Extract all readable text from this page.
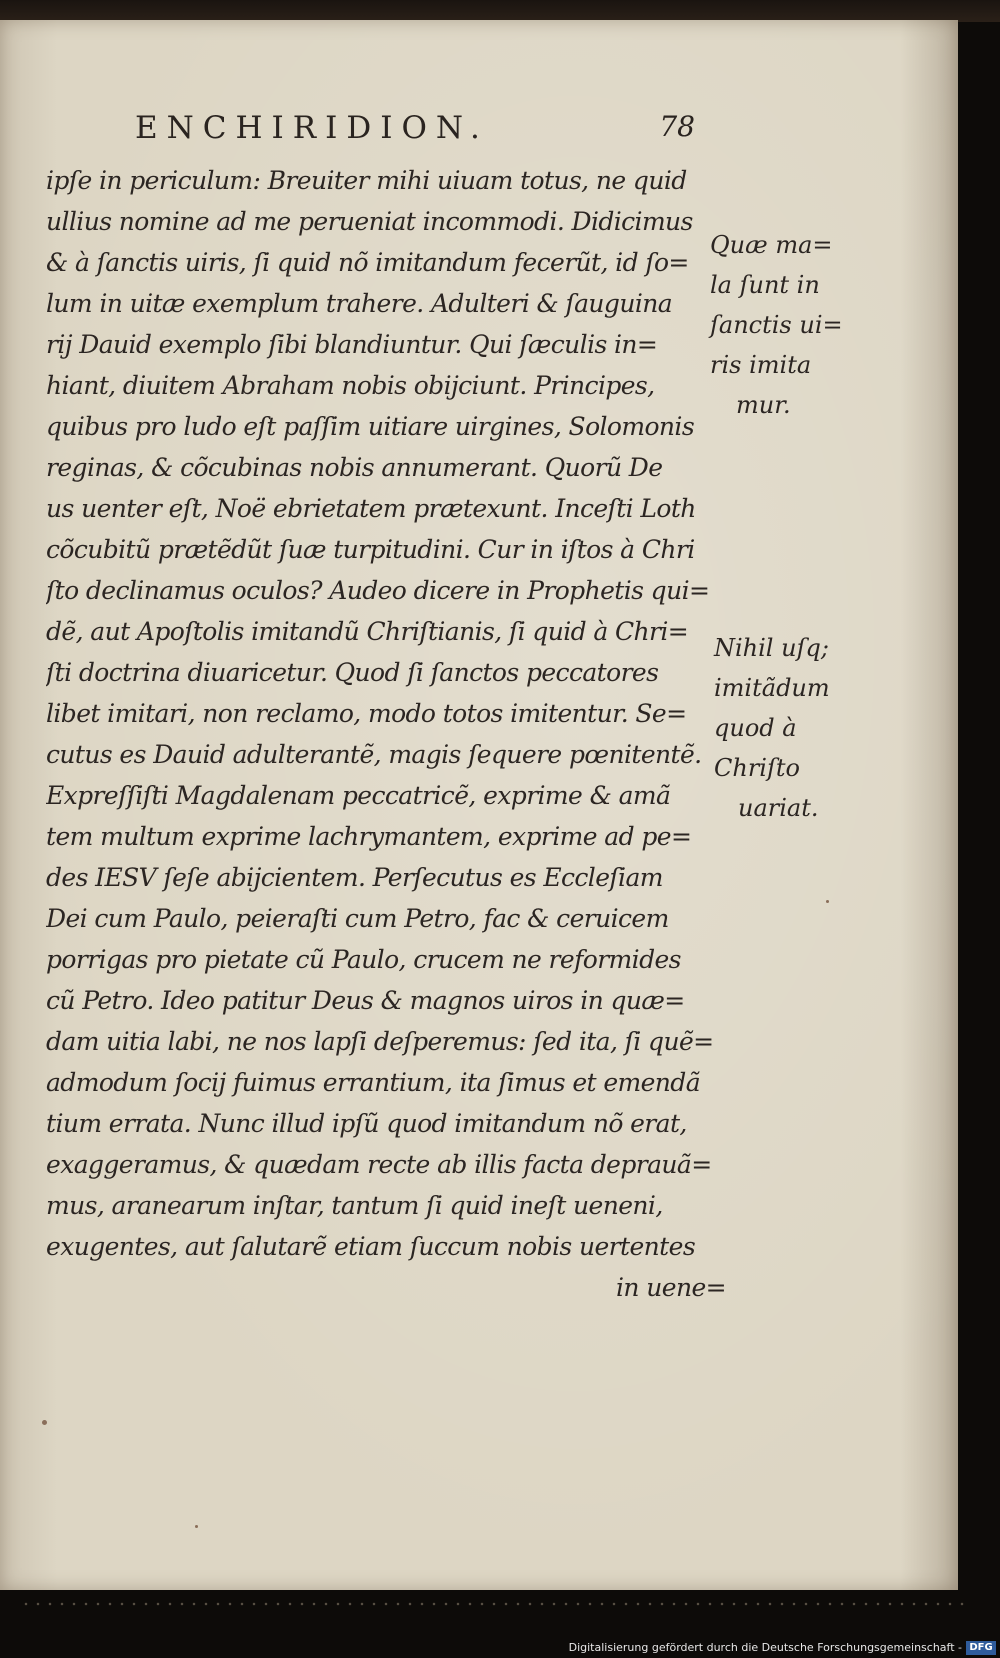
ENCHIRIDION.	78
ipſe in periculum: Breuiter mihi uiuam totus, ne quid
ullius nomine ad me perueniat incommodi. Didicimus
& à ſanctis uiris, ſi quid nõ imitandum fecerũt, id ſo=
lum in uitæ exemplum trahere. Adulteri & ſauguina
rij Dauid exemplo ſibi blandiuntur. Qui ſæculis in=
hiant, diuitem Abraham nobis obijciunt. Principes,
quibus pro ludo eſt paſſim uitiare uirgines, Solomonis
reginas, & cõcubinas nobis annumerant. Quorũ De
us uenter eſt, Noë ebrietatem prætexunt. Inceſti Loth
cõcubitũ prætẽdũt ſuæ turpitudini. Cur in iſtos à Chri
ſto declinamus oculos? Audeo dicere in Prophetis qui=
dẽ, aut Apoſtolis imitandũ Chriſtianis, ſi quid à Chri=
ſti doctrina diuaricetur. Quod ſi ſanctos peccatores
libet imitari, non reclamo, modo totos imitentur. Se=
cutus es Dauid adulterantẽ, magis ſequere pœnitentẽ.
Expreſſiſti Magdalenam peccatricẽ, exprime & amã
tem multum exprime lachrymantem, exprime ad pe=
des IESV ſeſe abijcientem. Perſecutus es Eccleſiam
Dei cum Paulo, peieraſti cum Petro, fac & ceruicem
porrigas pro pietate cũ Paulo, crucem ne reformides
cũ Petro. Ideo patitur Deus & magnos uiros in quæ=
dam uitia labi, ne nos lapſi deſperemus: ſed ita, ſi quẽ=
admodum ſocij fuimus errantium, ita ſimus et emendã
tium errata. Nunc illud ipſũ quod imitandum nõ erat,
exaggeramus, & quædam recte ab illis facta deprauã=
mus, aranearum inſtar, tantum ſi quid ineſt ueneni,
exugentes, aut ſalutarẽ etiam ſuccum nobis uertentes
in uene=
Quæ ma=
la ſunt in
ſanctis ui=
ris imita
mur.
Nihil uſq;
imitãdum
quod à
Chriſto
uariat.
Digitalisierung gefördert durch die Deutsche Forschungsgemeinschaft - DFG
